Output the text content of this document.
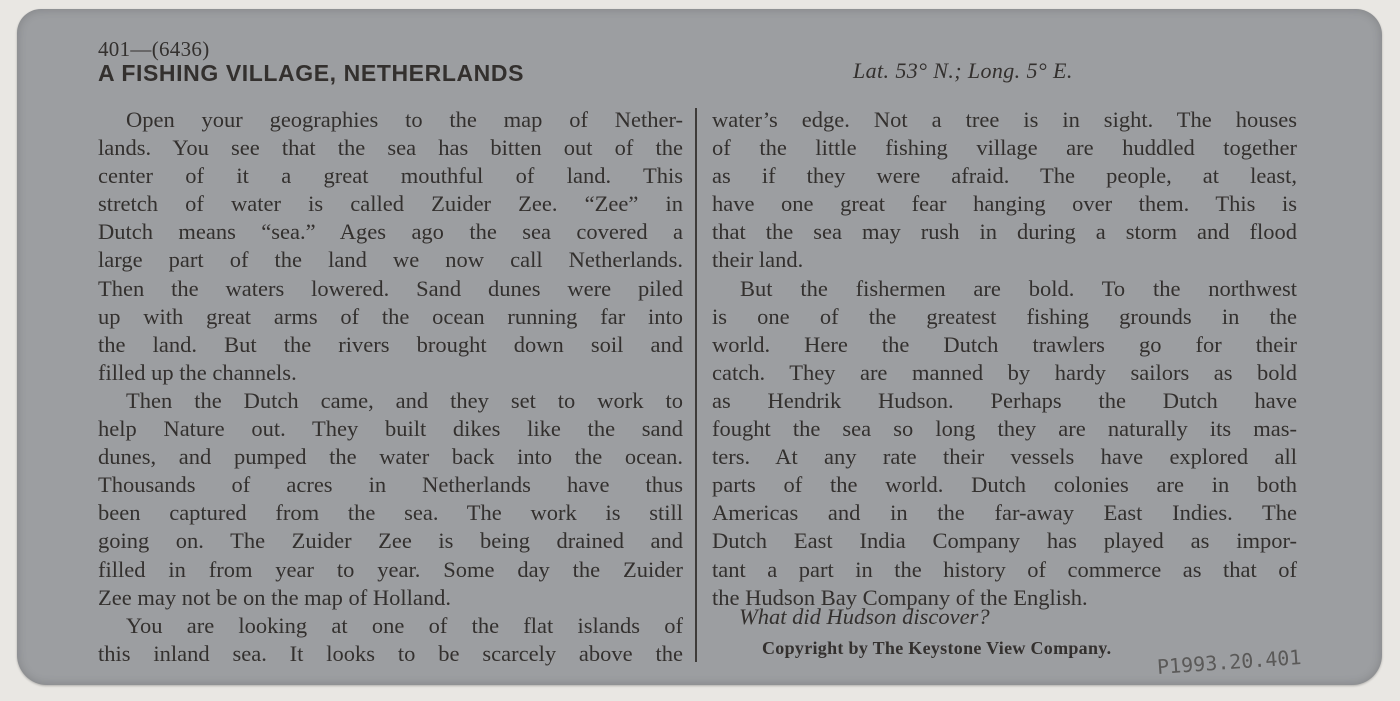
401—(6436)
A FISHING VILLAGE, NETHERLANDS	Lat. 53° N.; Long. 5° E.
Open your geographies to the map of Nether-
lands. You see that the sea has bitten out of the
center of it a great mouthful of land. This
stretch of water is called Zuider Zee. “Zee” in
Dutch means “sea.” Ages ago the sea covered a
large part of the land we now call Netherlands.
Then the waters lowered. Sand dunes were piled
up with great arms of the ocean running far into
the land. But the rivers brought down soil and
filled up the channels.
Then the Dutch came, and they set to work to
help Nature out. They built dikes like the sand
dunes, and pumped the water back into the ocean.
Thousands of acres in Netherlands have thus
been captured from the sea. The work is still
going on. The Zuider Zee is being drained and
filled in from year to year. Some day the Zuider
Zee may not be on the map of Holland.
You are looking at one of the flat islands of
this inland sea. It looks to be scarcely above the
water’s edge. Not a tree is in sight. The houses
of the little fishing village are huddled together
as if they were afraid. The people, at least,
have one great fear hanging over them. This is
that the sea may rush in during a storm and flood
their land.
But the fishermen are bold. To the northwest
is one of the greatest fishing grounds in the
world. Here the Dutch trawlers go for their
catch. They are manned by hardy sailors as bold
as Hendrik Hudson. Perhaps the Dutch have
fought the sea so long they are naturally its mas-
ters. At any rate their vessels have explored all
parts of the world. Dutch colonies are in both
Americas and in the far-away East Indies. The
Dutch East India Company has played as impor-
tant a part in the history of commerce as that of
the Hudson Bay Company of the English.
What did Hudson discover?
Copyright by The Keystone View Company. P1993.20.401
